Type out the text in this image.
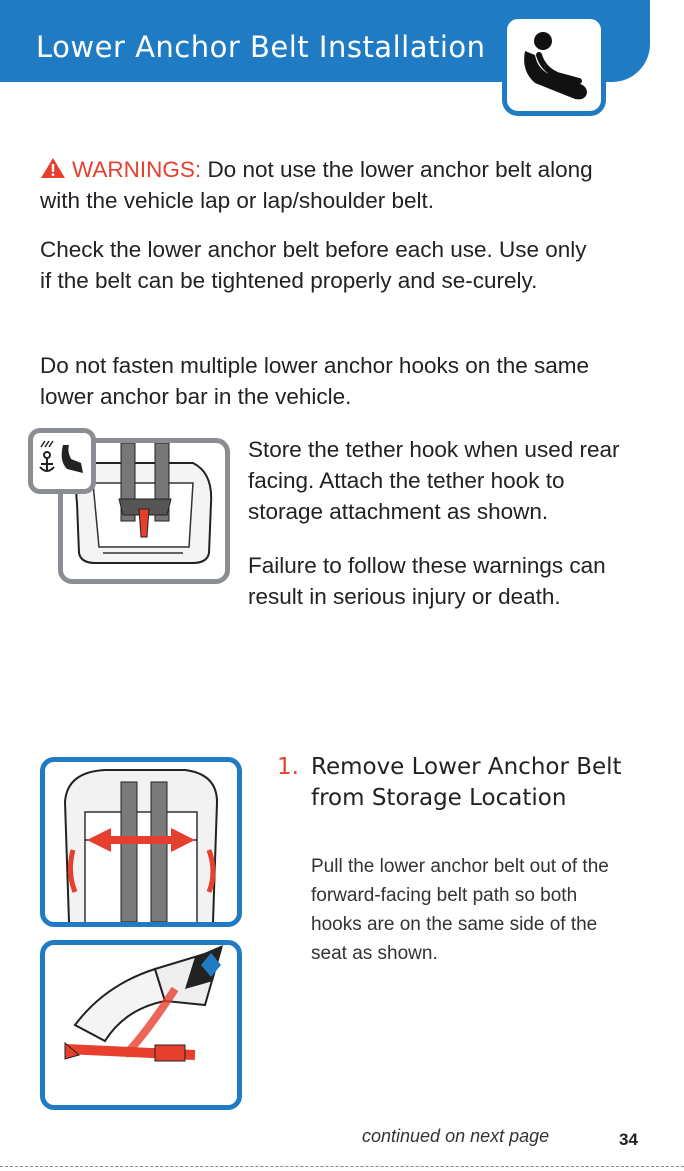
Lower Anchor Belt Installation
WARNINGS: Do not use the lower anchor belt along with the vehicle lap or lap/shoulder belt.
Check the lower anchor belt before each use. Use only if the belt can be tightened properly and se-curely.
Do not fasten multiple lower anchor hooks on the same lower anchor bar in the vehicle.
Store the tether hook when used rear facing. Attach the tether hook to storage attachment as shown.
Failure to follow these warnings can result in serious injury or death.
1. Remove Lower Anchor Belt from Storage Location
Pull the lower anchor belt out of the forward-facing belt path so both hooks are on the same side of the seat as shown.
continued on next page	34
